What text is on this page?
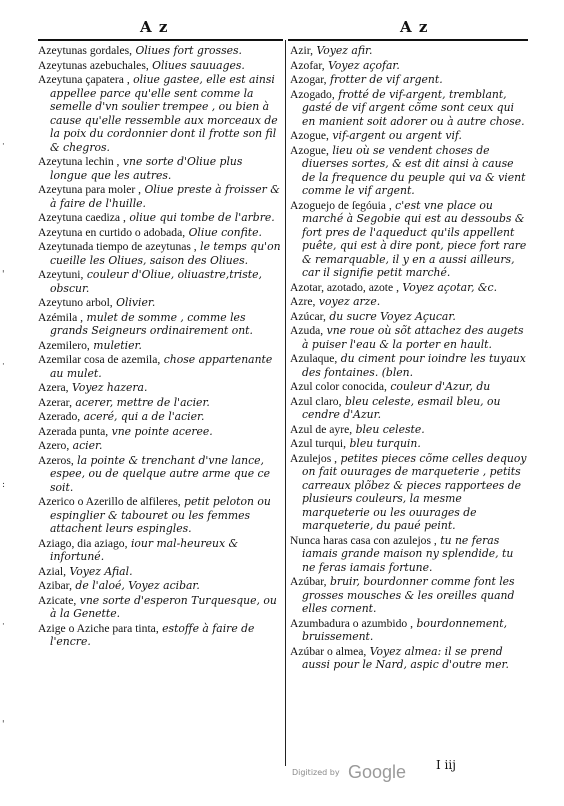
·
'
·
:
·
'
A z	A z
Azeytunas gordales, Oliues fort grosses.
Azeytunas azebuchales, Oliues sauuages.
Azeytuna çapatera , oliue gastee, elle est ainsi appellee parce qu'elle sent comme la semelle d'vn soulier trempee , ou bien à cause qu'elle ressemble aux morceaux de la poix du cordonnier dont il frotte son fil & chegros.
Azeytuna lechin , vne sorte d'Oliue plus longue que les autres.
Azeytuna para moler , Oliue preste à froisser & à faire de l'huille.
Azeytuna caediza , oliue qui tombe de l'arbre.
Azeytuna en curtido o adobada, Oliue confite.
Azeytunada tiempo de azeytunas , le temps qu'on cueille les Oliues, saison des Oliues.
Azeytuni, couleur d'Oliue, oliuastre,triste, obscur.
Azeytuno arbol, Olivier.
Azémila , mulet de somme , comme les grands Seigneurs ordinairement ont.
Azemilero, muletier.
Azemilar cosa de azemila, chose appartenante au mulet.
Azera, Voyez hazera.
Azerar, acerer, mettre de l'acier.
Azerado, aceré, qui a de l'acier.
Azerada punta, vne pointe aceree.
Azero, acier.
Azeros, la pointe & trenchant d'vne lance, espee, ou de quelque autre arme que ce soit.
Azerico o Azerillo de alfileres, petit peloton ou espinglier & tabouret ou les femmes attachent leurs espingles.
Aziago, dia aziago, iour mal-heureux & infortuné.
Azial, Voyez Afial.
Azibar, de l'aloé, Voyez acibar.
Azicate, vne sorte d'esperon Turquesque, ou à la Genette.
Azige o Aziche para tinta, estoffe à faire de l'encre.
Azir, Voyez afir.
Azofar, Voyez açofar.
Azogar, frotter de vif argent.
Azogado, frotté de vif-argent, tremblant, gasté de vif argent cõme sont ceux qui en manient soit adorer ou à autre chose.
Azogue, vif-argent ou argent vif.
Azogue, lieu où se vendent choses de diuerses sortes, & est dit ainsi à cause de la frequence du peuple qui va & vient comme le vif argent.
Azoguejo de ſegóuia , c'est vne place ou marché à Segobie qui est au dessoubs & fort pres de l'aqueduct qu'ils appellent puête, qui est à dire pont, piece fort rare & remarquable, il y en a aussi ailleurs, car il signifie petit marché.
Azotar, azotado, azote , Voyez açotar, &c.
Azre, voyez arze.
Azúcar, du sucre Voyez Açucar.
Azuda, vne roue où sõt attachez des augets à puiser l'eau & la porter en hault.
Azulaque, du ciment pour ioindre les tuyaux des fontaines. (blen.
Azul color conocida, couleur d'Azur, du
Azul claro, bleu celeste, esmail bleu, ou cendre d'Azur.
Azul de ayre, bleu celeste.
Azul turqui, bleu turquin.
Azulejos , petites pieces cõme celles dequoy on fait ouurages de marqueterie , petits carreaux plõbez & pieces rapportees de plusieurs couleurs, la mesme marqueterie ou les ouurages de marqueterie, du paué peint.
Nunca haras casa con azulejos , tu ne feras iamais grande maison ny splendide, tu ne feras iamais fortune.
Azúbar, bruir, bourdonner comme font les grosses mousches & les oreilles quand elles cornent.
Azumbadura o azumbido , bourdonnement, bruissement.
Azúbar o almea, Voyez almea: il se prend aussi pour le Nard, aspic d'outre mer.
I iij
Digitized by Google
